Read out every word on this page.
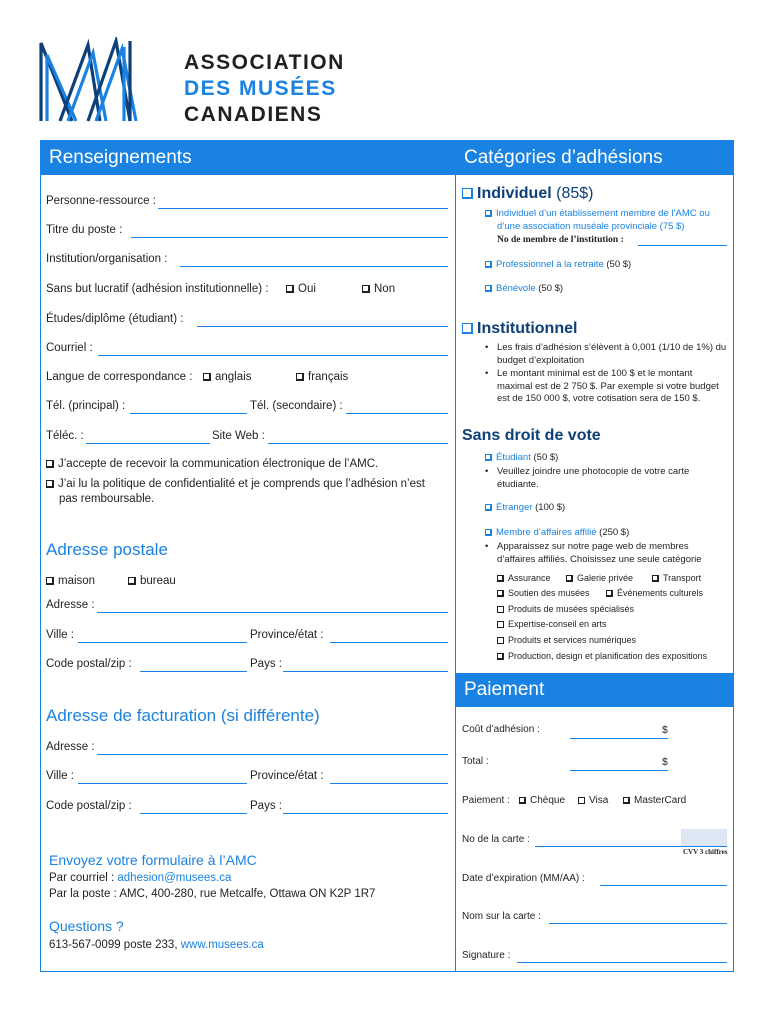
ASSOCIATION
DES MUSÉES
CANADIENS
Renseignements	Catégories d’adhésions
Personne-ressource :
Titre du poste :
Institution/organisation :
Sans but lucratif (adhésion institutionnelle) :	Oui	Non
Études/diplôme (étudiant) :
Courriel :
Langue de correspondance :	anglais	français
Tél. (principal) :	Tél. (secondaire) :
Téléc. :	Site Web :
J’accepte de recevoir la communication électronique de l’AMC.
J’ai lu la politique de confidentialité et je comprends que l’adhésion n’est
pas remboursable.
Adresse postale
maison	bureau
Adresse :
Ville :	Province/état :
Code postal/zip :	Pays :
Adresse de facturation (si différente)
Adresse :
Ville :	Province/état :
Code postal/zip :	Pays :
Envoyez votre formulaire à l’AMC
Par courriel : adhesion@musees.ca
Par la poste : AMC, 400-280, rue Metcalfe, Ottawa ON K2P 1R7
Questions ?
613-567-0099 poste 233, www.musees.ca
Individuel (85$)
Individuel d’un établissement membre de l’AMC ou
d’une association muséale provinciale (75 $)
No de membre de l’institution :
Professionnel à la retraite (50 $)
Bénévole (50 $)
Institutionnel
• Les frais d’adhésion s’élèvent à 0,001 (1/10 de 1%) du
budget d’exploitation
• Le montant minimal est de 100 $ et le montant
maximal est de 2 750 $. Par exemple si votre budget
est de 150 000 $, votre cotisation sera de 150 $.
Sans droit de vote
Étudiant (50 $)
• Veuillez joindre une photocopie de votre carte
étudiante.
Étranger (100 $)
Membre d’affaires affilié (250 $)
• Apparaissez sur notre page web de membres
d’affaires affiliés. Choisissez une seule catégorie
Assurance	Galerie privée	Transport
Soutien des musées	Événements culturels
Produits de musées spécialisés
Expertise-conseil en arts
Produits et services numériques
Production, design et planification des expositions
Paiement
Coût d’adhésion :	$
Total :	$
Paiement :	Chèque	Visa	MasterCard
No de la carte :
CVV 3 chiffres
Date d’expiration (MM/AA) :
Nom sur la carte :
Signature :
